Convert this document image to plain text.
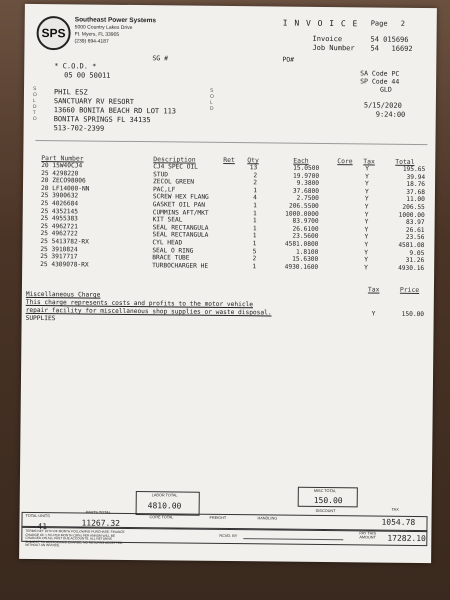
SPS
Southeast Power Systems
5000 Country Lakes Drive
Ft. Myers, FL 33905
(239) 694-4187
I N V O I C E Page 2
Invoice	54 015696
Job Number 54   16692
SG #	PO#
* C.O.D. *
05 00 50011	SA Code PC
SP Code 44
GLD
S O L D T O
S O L D
PHIL ESZ
SANCTUARY RV RESORT
13660 BONITA BEACH RD LOT 113
BONITA SPRINGS FL 34135
513-702-2399
5/15/2020
9:24:00
Part Number	Description	Ret Qty	Each	Core Tax	Total
20 15W40CJ4	CJ4 SPEC OIL	13	15.0500	Y	195.65
25 4298220	STUD	2	19.9700	Y	39.94
20 ZECO98006	ZECOL GREEN	2	9.3800	Y	18.76
20 LF14000-NN	PAC,LF	1	37.6800	Y	37.68
25 3900632	SCREW HEX FLANG	4	2.7500	Y	11.00
25 4026684	GASKET OIL PAN	1	206.5500	Y	206.55
25 4352145	CUMMINS AFT/MKT	1	1000.0000	Y	1000.00
25 4955383	KIT SEAL	1	83.9700	Y	83.97
25 4962721	SEAL RECTANGULA	1	26.6100	Y	26.61
25 4962722	SEAL RECTANGULA	1	23.5600	Y	23.56
25 5413782-RX	CYL HEAD	1	4581.0800	Y	4581.08
25 3910824	SEAL O RING	5	1.8100	Y	9.05
25 3917717	BRACE TUBE	2	15.6300	Y	31.26
25 4309078-RX	TURBOCHARGER HE	1	4930.1600	Y	4930.16
Tax	Price
Miscellaneous Charge
This charge represents costs and profits to the motor vehicle
repair facility for miscellaneous shop supplies or waste disposal.
SUPPLIES
Y	150.00
LABOR TOTAL
4810.00
MISC TOTAL
150.00
TOTAL UNITS
41
PARTS TOTAL
11267.32
CORE TOTAL	FREIGHT	HANDLING
DISCOUNT	TAX
1054.78
TERMS NET 10TH OF MONTH FOLLOWING PURCHASE. FINANCE CHARGE OF 1.5% PER MONTH (18%) PER ANNUM WILL BE CHARGED ON ALL PAST DUE ACCOUNTS. ALL RETURNS SUBJECT TO RESTOCKING CHARGE. NO RETURNS ACCEPTED WITHOUT AN INVOICE.
RCVD. BY
PAY THIS AMOUNT	17282.10
